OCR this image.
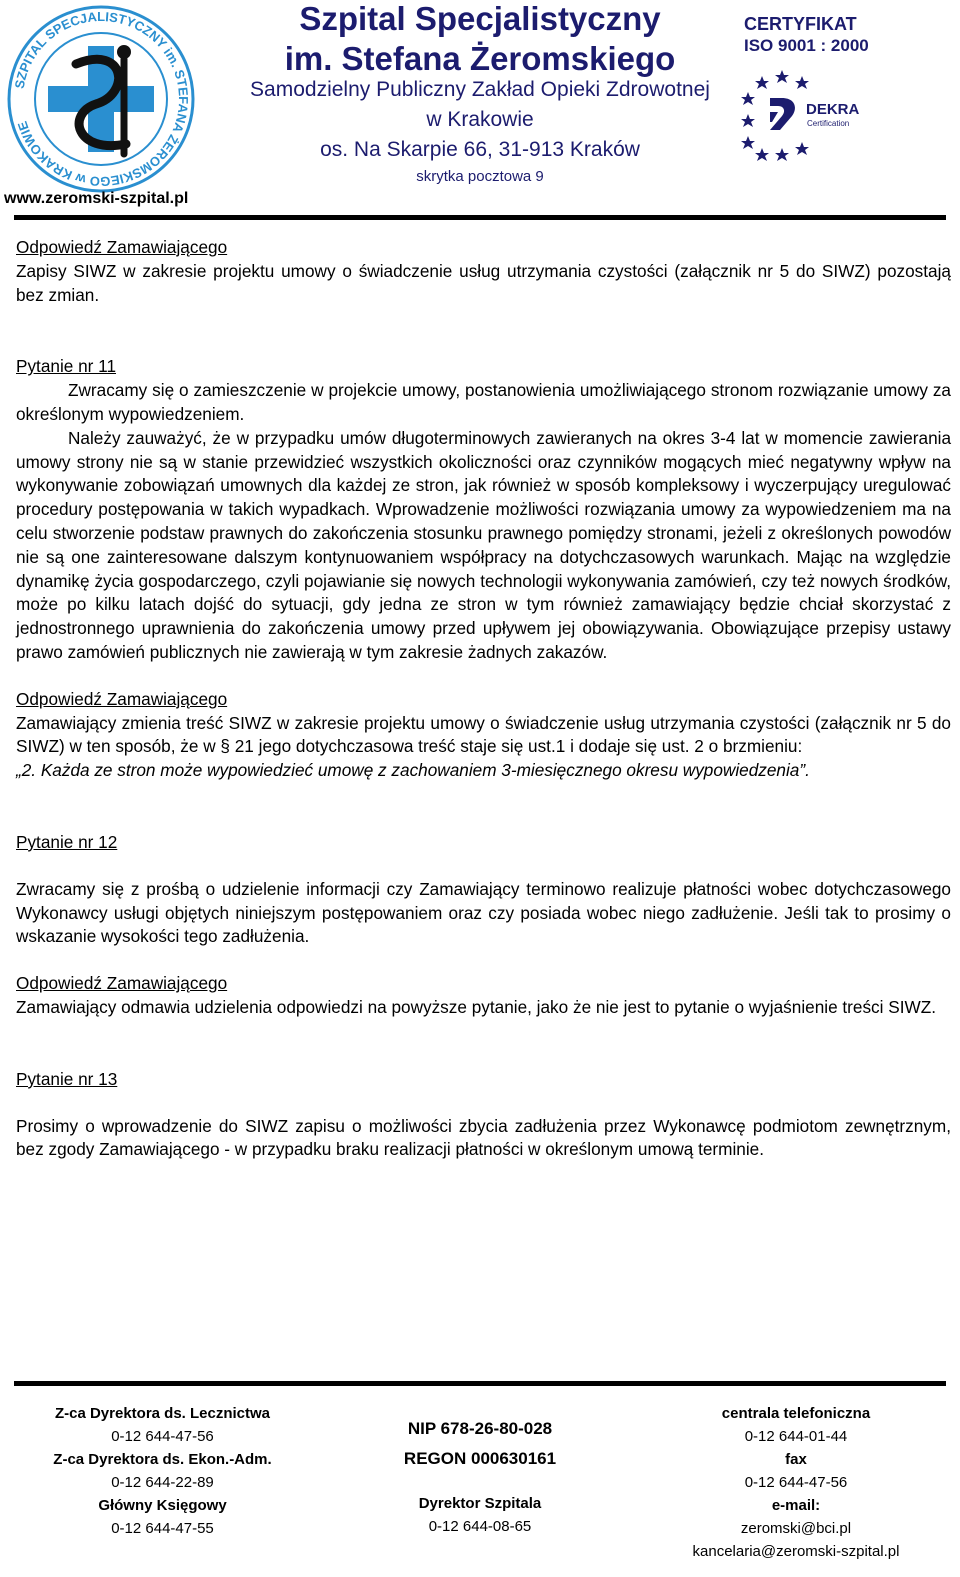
SZPITAL SPECJALISTYCZNY im. STEFANA ŻEROMSKIEGO w KRAKOWIE
www.zeromski-szpital.pl
Szpital Specjalistyczny
im. Stefana Żeromskiego
Samodzielny Publiczny Zakład Opieki Zdrowotnej
w Krakowie
os. Na Skarpie 66, 31-913 Kraków
skrytka pocztowa 9
CERTYFIKAT
ISO 9001 : 2000
DEKRA
Certification

Odpowiedź Zamawiającego

Zapisy SIWZ w zakresie projektu umowy o świadczenie usług utrzymania czystości (załącznik nr 5 do SIWZ) pozostają bez zmian.

Pytanie nr 11

Zwracamy się o zamieszczenie w projekcie umowy, postanowienia umożliwiającego stronom rozwiązanie umowy za określonym wypowiedzeniem.

Należy zauważyć, że w przypadku umów długoterminowych zawieranych na okres 3-4 lat w momencie zawierania umowy strony nie są w stanie przewidzieć wszystkich okoliczności oraz czynników mogących mieć negatywny wpływ na wykonywanie zobowiązań umownych dla każdej ze stron, jak również w sposób kompleksowy i wyczerpujący uregulować procedury postępowania w takich wypadkach. Wprowadzenie możliwości rozwiązania umowy za wypowiedzeniem ma na celu stworzenie podstaw prawnych do zakończenia stosunku prawnego pomiędzy stronami, jeżeli z określonych powodów nie są one zainteresowane dalszym kontynuowaniem współpracy na dotychczasowych warunkach. Mając na względzie dynamikę życia gospodarczego, czyli pojawianie się nowych technologii wykonywania zamówień, czy też nowych środków, może po kilku latach dojść do sytuacji, gdy jedna ze stron w tym również zamawiający będzie chciał skorzystać z jednostronnego uprawnienia do zakończenia umowy przed upływem jej obowiązywania. Obowiązujące przepisy ustawy prawo zamówień publicznych nie zawierają w tym zakresie żadnych zakazów.

Odpowiedź Zamawiającego

Zamawiający zmienia treść SIWZ w zakresie projektu umowy o świadczenie usług utrzymania czystości (załącznik nr 5 do SIWZ) w ten sposób, że w § 21 jego dotychczasowa treść staje się ust.1 i dodaje się ust. 2 o brzmieniu:

„2. Każda ze stron może wypowiedzieć umowę z zachowaniem 3-miesięcznego okresu wypowiedzenia”.

Pytanie nr 12

Zwracamy się z prośbą o udzielenie informacji czy Zamawiający terminowo realizuje płatności wobec dotychczasowego Wykonawcy usługi objętych niniejszym postępowaniem oraz czy posiada wobec niego zadłużenie. Jeśli tak to prosimy o wskazanie wysokości tego zadłużenia.

Odpowiedź Zamawiającego

Zamawiający odmawia udzielenia odpowiedzi na powyższe pytanie, jako że nie jest to pytanie o wyjaśnienie treści SIWZ.

Pytanie nr 13

Prosimy o wprowadzenie do SIWZ zapisu o możliwości zbycia zadłużenia przez Wykonawcę podmiotom zewnętrznym, bez zgody Zamawiającego - w przypadku braku realizacji płatności w określonym umową terminie.

Z-ca Dyrektora ds. Lecznictwa
0-12 644-47-56
Z-ca Dyrektora ds. Ekon.-Adm.
0-12 644-22-89
Główny Księgowy
0-12 644-47-55
NIP 678-26-80-028
REGON 000630161
Dyrektor Szpitala
0-12 644-08-65
centrala telefoniczna
0-12 644-01-44
fax
0-12 644-47-56
e-mail:
zeromski@bci.pl
kancelaria@zeromski-szpital.pl
